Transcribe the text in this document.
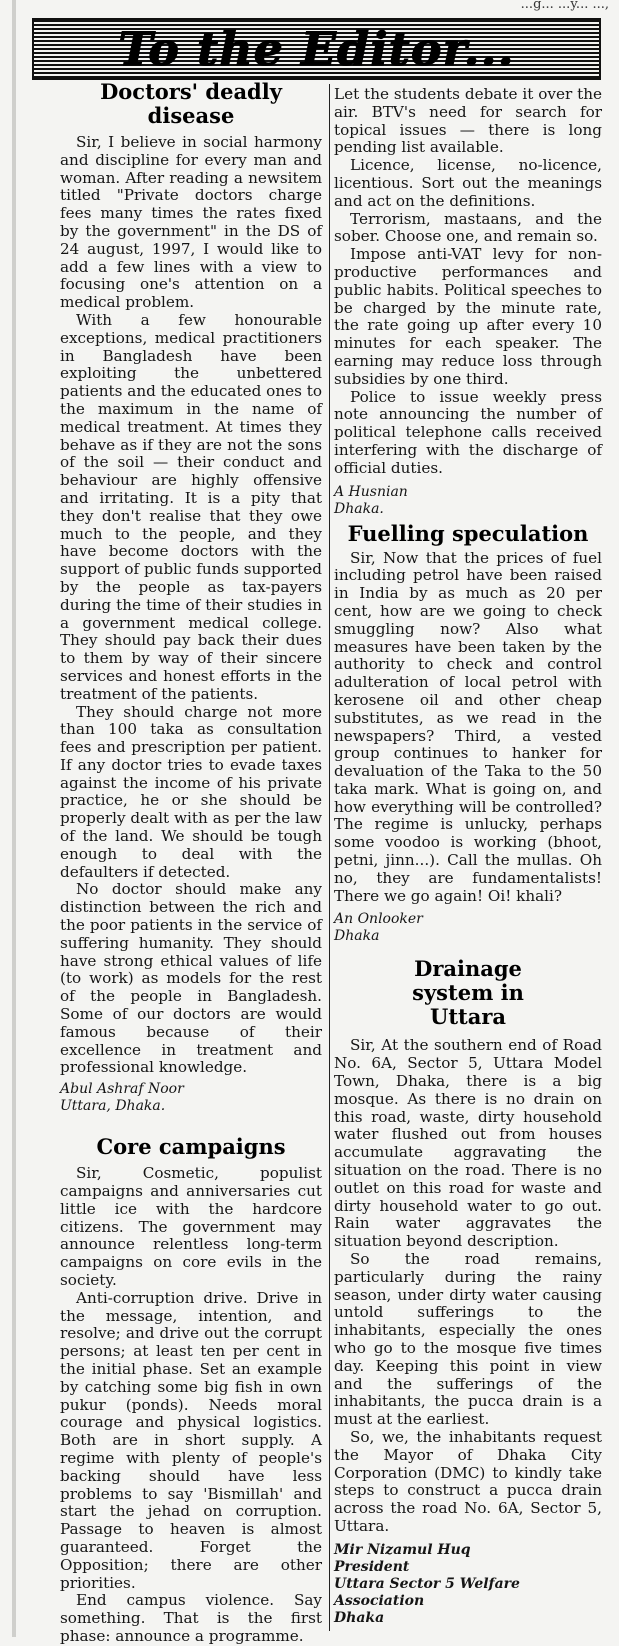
...g... ...y... ...,
To the Editor...
Doctors' deadly disease

Sir, I believe in social harmony and discipline for every man and woman. After reading a newsitem titled "Private doctors charge fees many times the rates fixed by the government" in the DS of 24 august, 1997, I would like to add a few lines with a view to focusing one's attention on a medical problem.

With a few honourable exceptions, medical practitioners in Bangladesh have been exploiting the unbettered patients and the educated ones to the maximum in the name of medical treatment. At times they behave as if they are not the sons of the soil — their conduct and behaviour are highly offensive and irritating. It is a pity that they don't realise that they owe much to the people, and they have become doctors with the support of public funds supported by the people as tax-payers during the time of their studies in a government medical college. They should pay back their dues to them by way of their sincere services and honest efforts in the treatment of the patients.

They should charge not more than 100 taka as consultation fees and prescription per patient. If any doctor tries to evade taxes against the income of his private practice, he or she should be properly dealt with as per the law of the land. We should be tough enough to deal with the defaulters if detected.

No doctor should make any distinction between the rich and the poor patients in the service of suffering humanity. They should have strong ethical values of life (to work) as models for the rest of the people in Bangladesh. Some of our doctors are would famous because of their excellence in treatment and professional knowledge.

Abul Ashraf Noor
Uttara, Dhaka.
Core campaigns

Sir, Cosmetic, populist campaigns and anniversaries cut little ice with the hardcore citizens. The government may announce relentless long-term campaigns on core evils in the society.

Anti-corruption drive. Drive in the message, intention, and resolve; and drive out the corrupt persons; at least ten per cent in the initial phase. Set an example by catching some big fish in own pukur (ponds). Needs moral courage and physical logistics. Both are in short supply. A regime with plenty of people's backing should have less problems to say 'Bismillah' and start the jehad on corruption. Passage to heaven is almost guaranteed. Forget the Opposition; there are other priorities.

End campus violence. Say something. That is the first phase: announce a programme.

Let the students debate it over the air. BTV's need for search for topical issues — there is long pending list available.

Licence, license, no-licence, licentious. Sort out the meanings and act on the definitions.

Terrorism, mastaans, and the sober. Choose one, and remain so.

Impose anti-VAT levy for non-productive performances and public habits. Political speeches to be charged by the minute rate, the rate going up after every 10 minutes for each speaker. The earning may reduce loss through subsidies by one third.

Police to issue weekly press note announcing the number of political telephone calls received interfering with the discharge of official duties.

A Husnian
Dhaka.
Fuelling speculation

Sir, Now that the prices of fuel including petrol have been raised in India by as much as 20 per cent, how are we going to check smuggling now? Also what measures have been taken by the authority to check and control adulteration of local petrol with kerosene oil and other cheap substitutes, as we read in the newspapers? Third, a vested group continues to hanker for devaluation of the Taka to the 50 taka mark. What is going on, and how everything will be controlled? The regime is unlucky, perhaps some voodoo is working (bhoot, petni, jinn...). Call the mullas. Oh no, they are fundamentalists! There we go again! Oi! khali?

An Onlooker
Dhaka
Drainage system in Uttara

Sir, At the southern end of Road No. 6A, Sector 5, Uttara Model Town, Dhaka, there is a big mosque. As there is no drain on this road, waste, dirty household water flushed out from houses accumulate aggravating the situation on the road. There is no outlet on this road for waste and dirty household water to go out. Rain water aggravates the situation beyond description.

So the road remains, particularly during the rainy season, under dirty water causing untold sufferings to the inhabitants, especially the ones who go to the mosque five times day. Keeping this point in view and the sufferings of the inhabitants, the pucca drain is a must at the earliest.

So, we, the inhabitants request the Mayor of Dhaka City Corporation (DMC) to kindly take steps to construct a pucca drain across the road No. 6A, Sector 5, Uttara.

Mir Nizamul Huq
President
Uttara Sector 5 Welfare
Association
Dhaka
